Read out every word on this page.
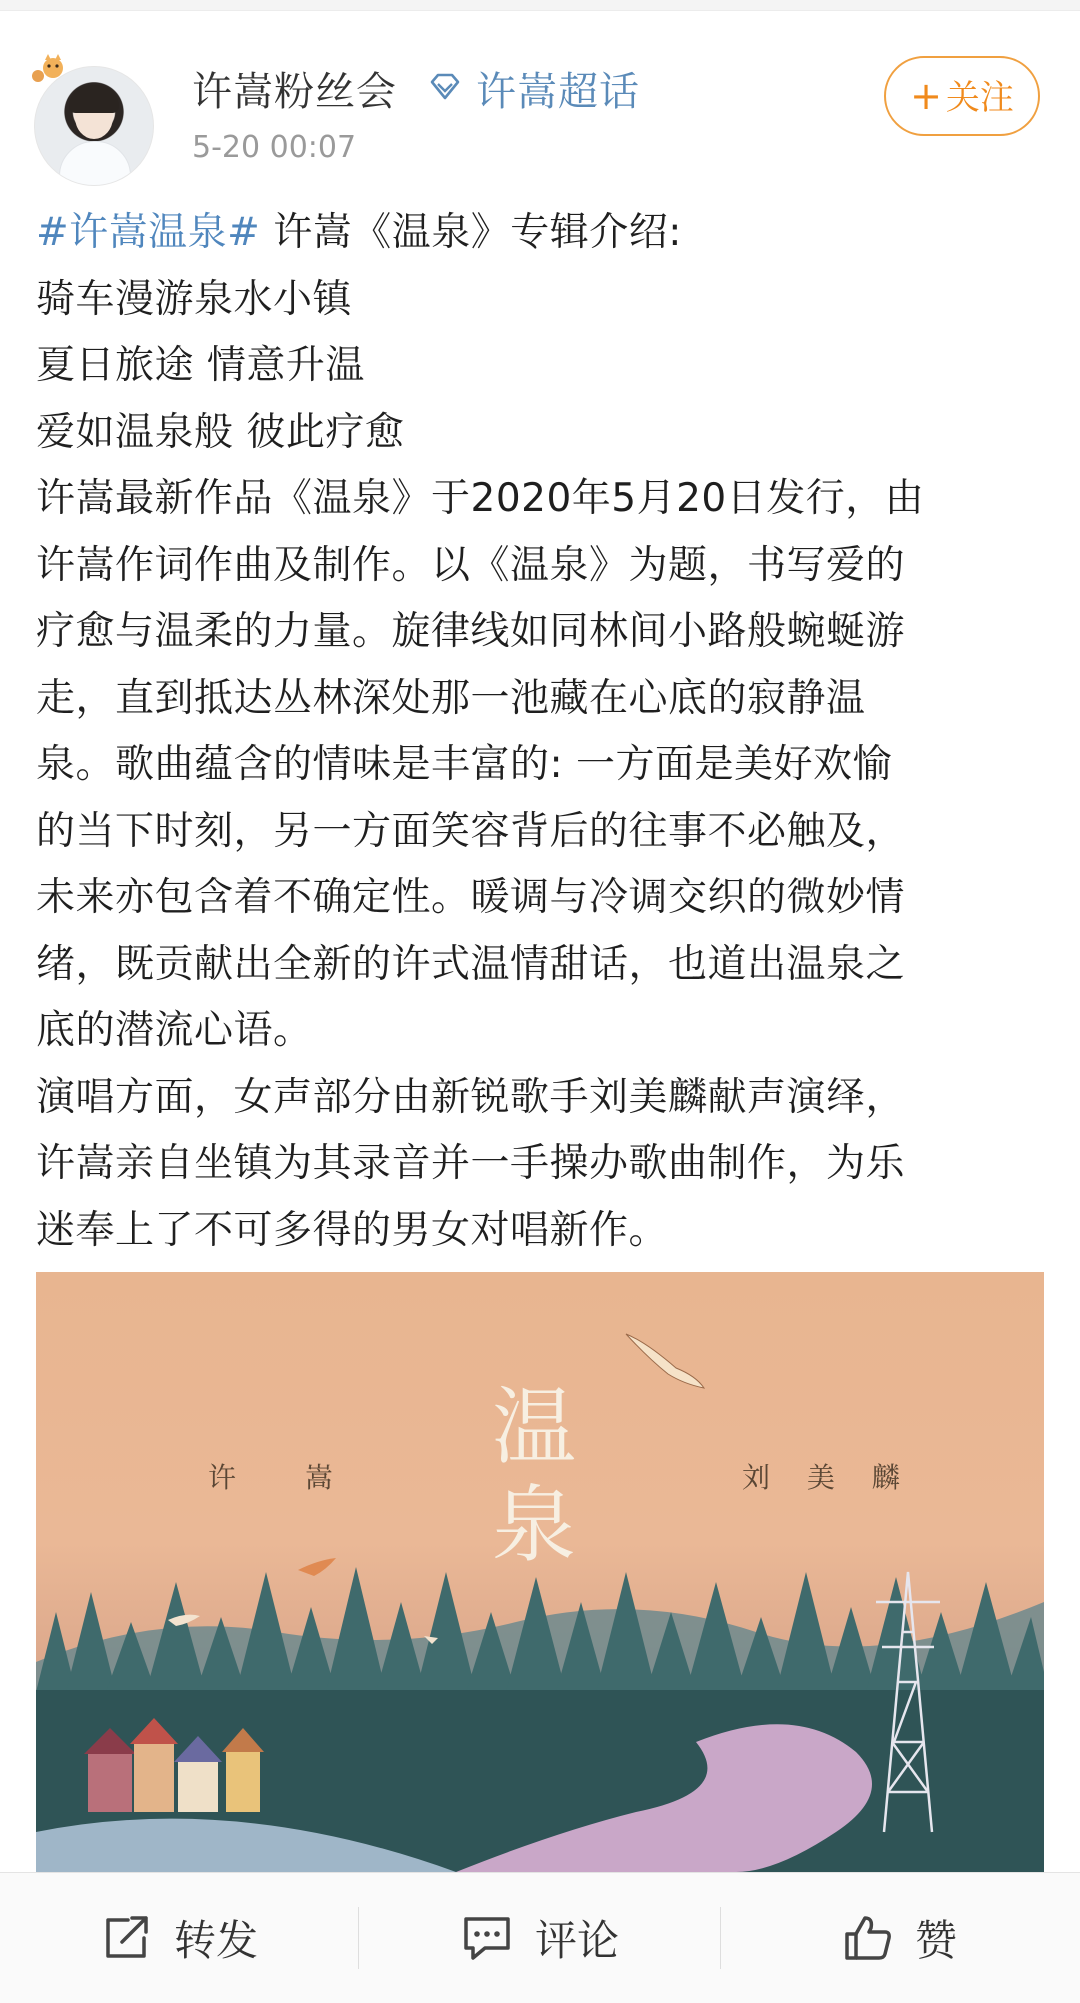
许嵩粉丝会 许嵩超话
5-20 00:07
+ 关注

#许嵩温泉# 许嵩《温泉》专辑介绍:

骑车漫游泉水小镇

夏日旅途 情意升温

爱如温泉般 彼此疗愈

许嵩最新作品《温泉》于2020年5月20日发行，由

许嵩作词作曲及制作。以《温泉》为题，书写爱的

疗愈与温柔的力量。旋律线如同林间小路般蜿蜒游

走，直到抵达丛林深处那一池藏在心底的寂静温

泉。歌曲蕴含的情味是丰富的: 一方面是美好欢愉

的当下时刻，另一方面笑容背后的往事不必触及，

未来亦包含着不确定性。暖调与冷调交织的微妙情

绪，既贡献出全新的许式温情甜话，也道出温泉之

底的潜流心语。

演唱方面，女声部分由新锐歌手刘美麟献声演绎，

许嵩亲自坐镇为其录音并一手操办歌曲制作，为乐

迷奉上了不可多得的男女对唱新作。

温
泉
许 嵩	刘 美 麟
转发	评论	赞
